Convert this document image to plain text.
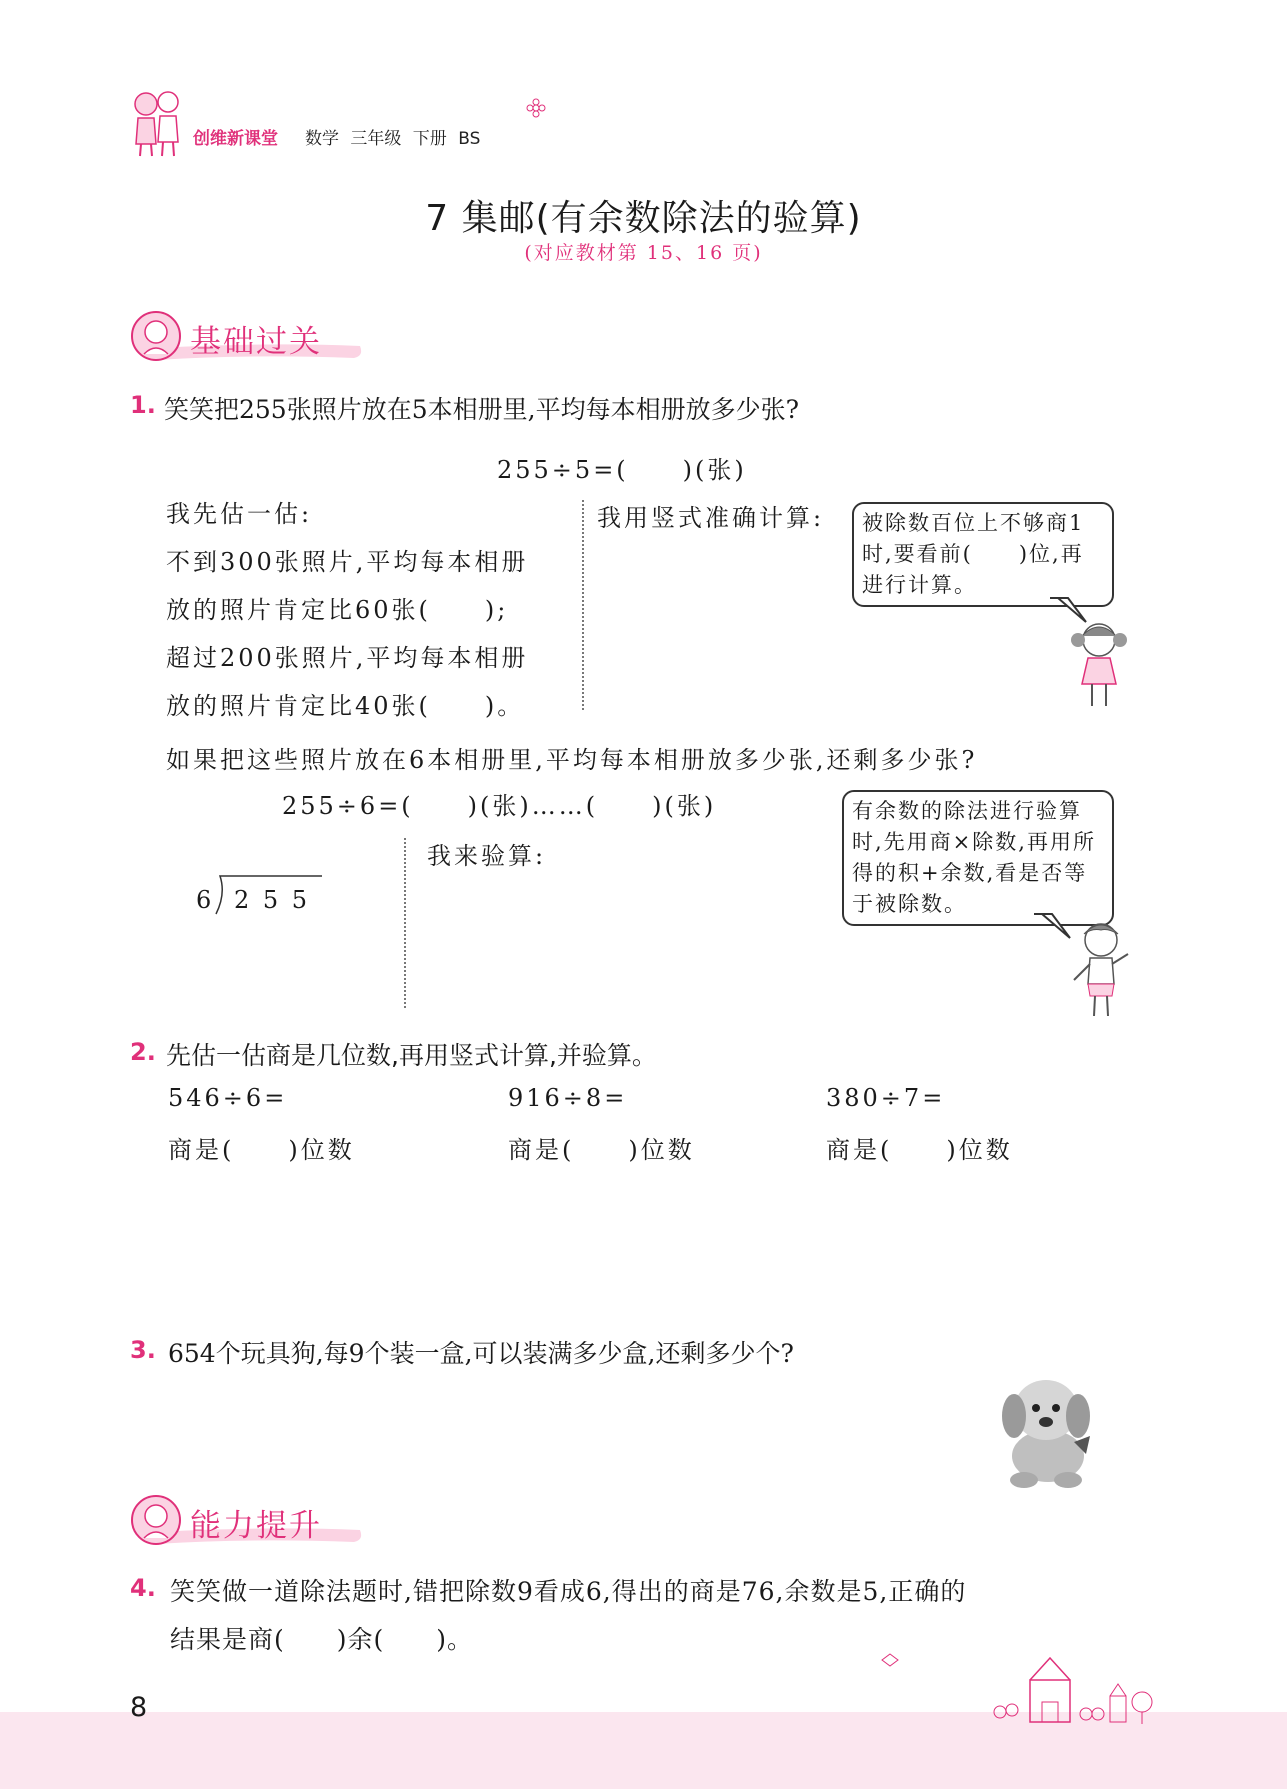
创维新课堂 数学 三年级 下册 BS
7 集邮(有余数除法的验算)
(对应教材第 15、16 页)
基础过关
1. 笑笑把255张照片放在5本相册里,平均每本相册放多少张?
255÷5=(　　)(张)
我先估一估:
不到300张照片,平均每本相册
放的照片肯定比60张(　　);
超过200张照片,平均每本相册
放的照片肯定比40张(　　)。
我用竖式准确计算:	被除数百位上不够商1时,要看前(　　)位,再进行计算。
如果把这些照片放在6本相册里,平均每本相册放多少张,还剩多少张?
255÷6=(　　)(张)……(　　)(张)
6 2 5 5
我来验算:
有余数的除法进行验算时,先用商×除数,再用所得的积+余数,看是否等于被除数。
2. 先估一估商是几位数,再用竖式计算,并验算。
546÷6=
商是(　　)位数
916÷8=
商是(　　)位数
380÷7=
商是(　　)位数
3. 654个玩具狗,每9个装一盒,可以装满多少盒,还剩多少个?
能力提升
4. 笑笑做一道除法题时,错把除数9看成6,得出的商是76,余数是5,正确的
结果是商(　　)余(　　)。
8
